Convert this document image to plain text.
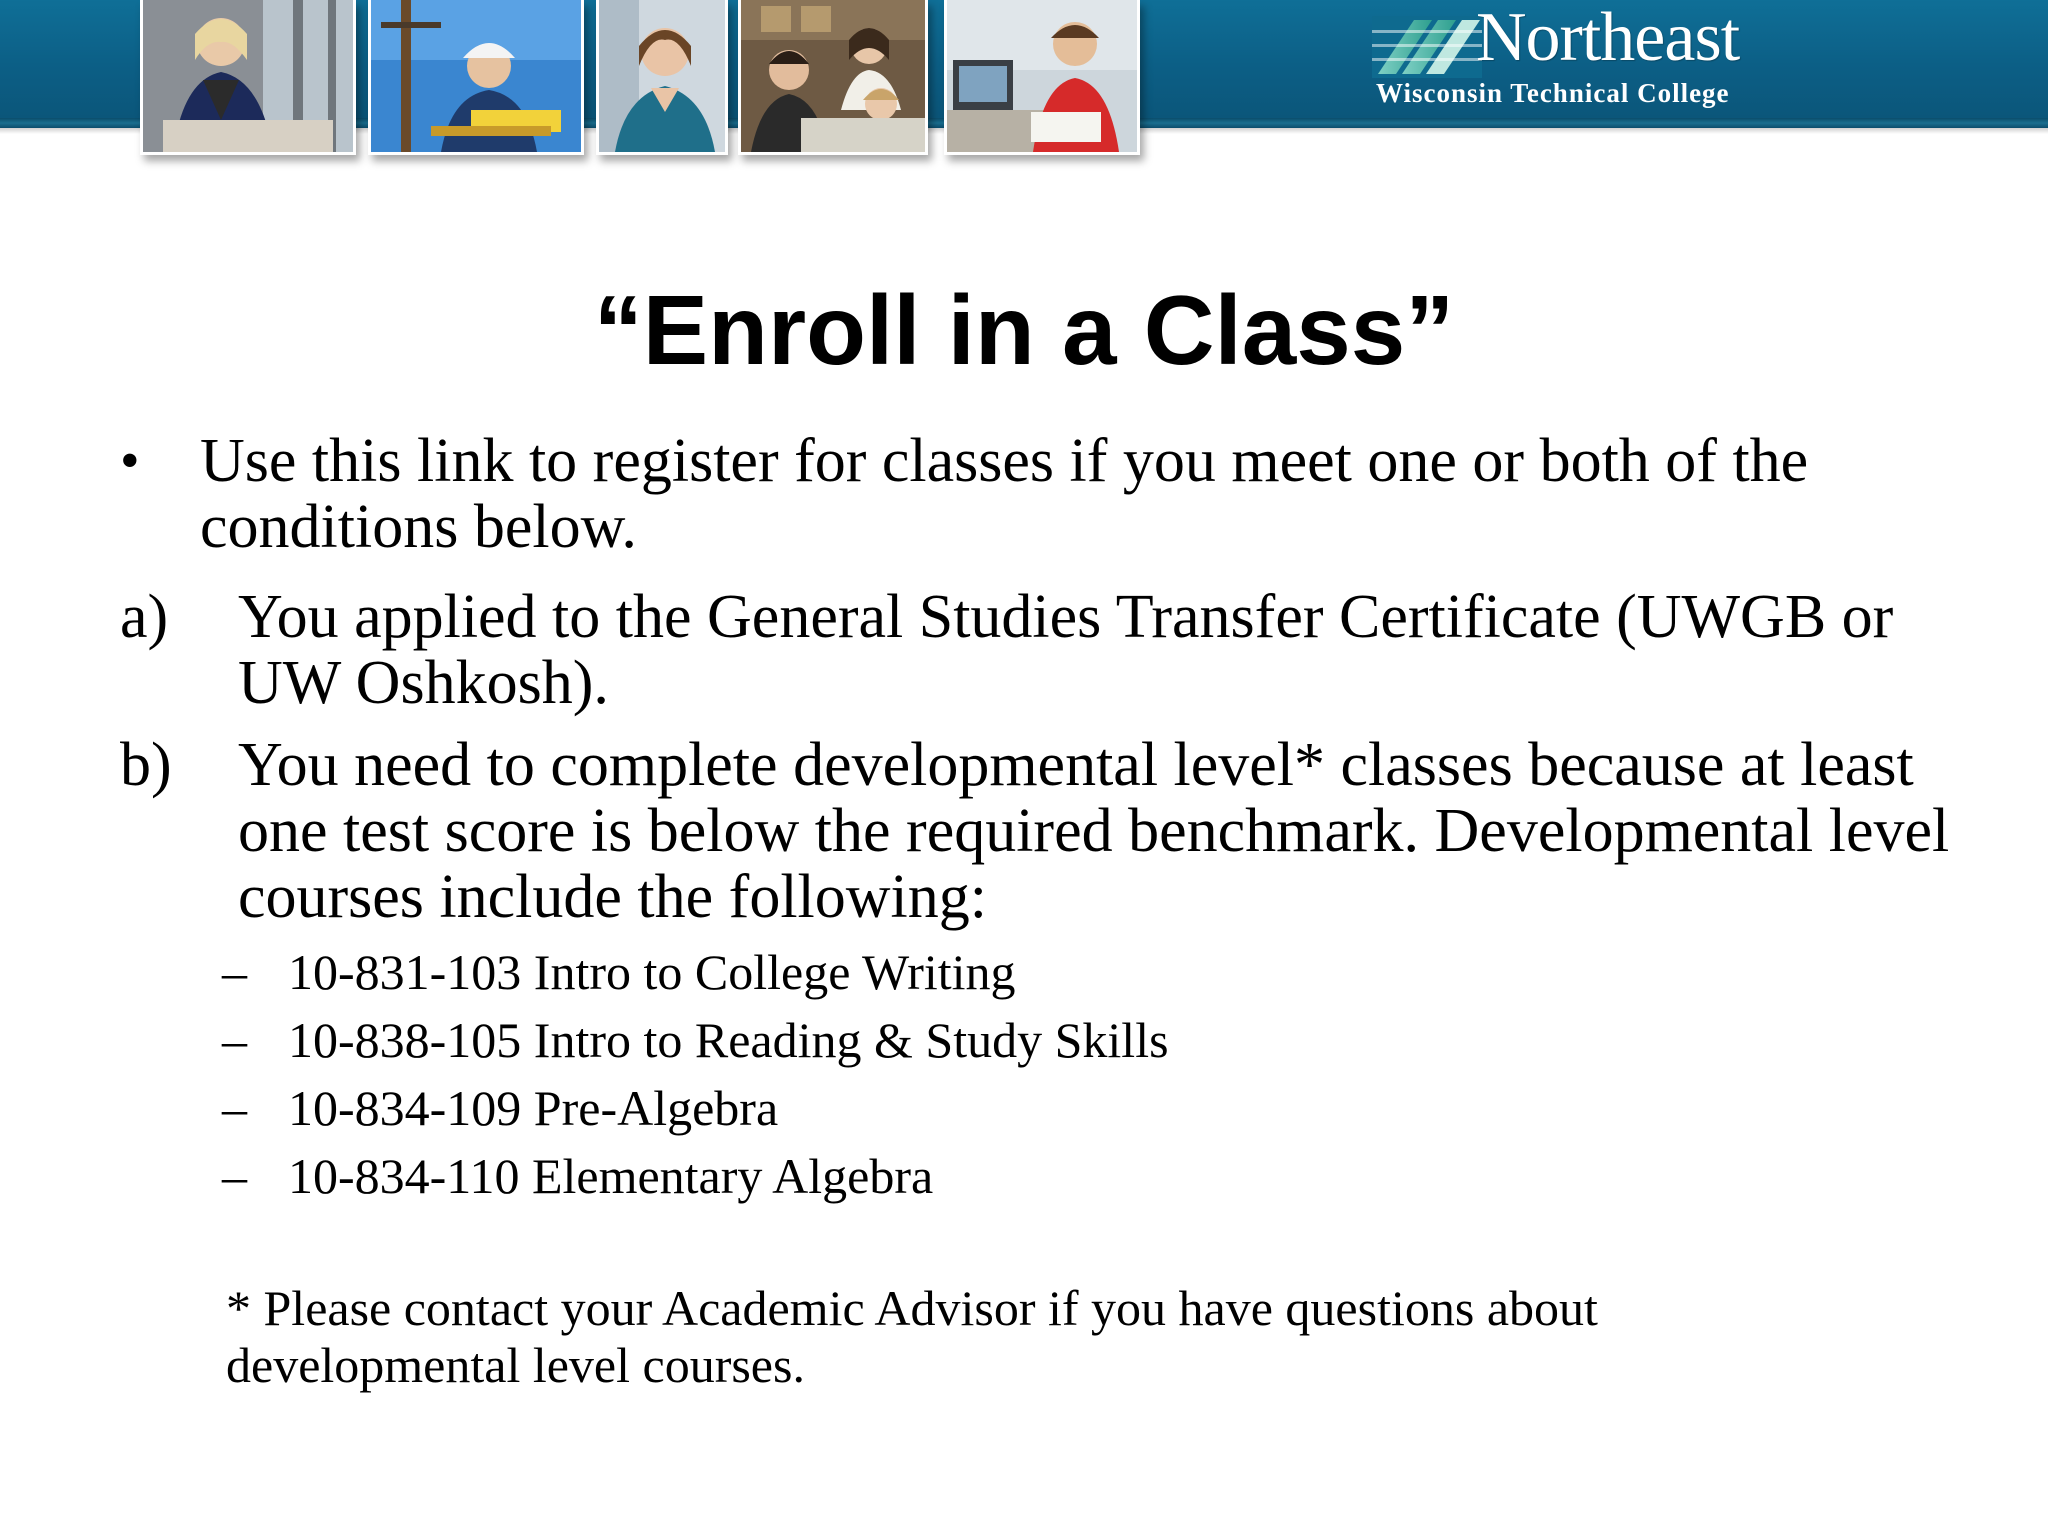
Northeast
Wisconsin Technical College
“Enroll in a Class”
• Use this link to register for classes if you meet one or both of the conditions below.
a) You applied to the General Studies Transfer Certificate (UWGB or UW Oshkosh).
b) You need to complete developmental level* classes because at least one test score is below the required benchmark. Developmental level courses include the following:
– 10-831-103 Intro to College Writing
– 10-838-105 Intro to Reading & Study Skills
– 10-834-109 Pre-Algebra
– 10-834-110 Elementary Algebra
* Please contact your Academic Advisor if you have questions about developmental level courses.
